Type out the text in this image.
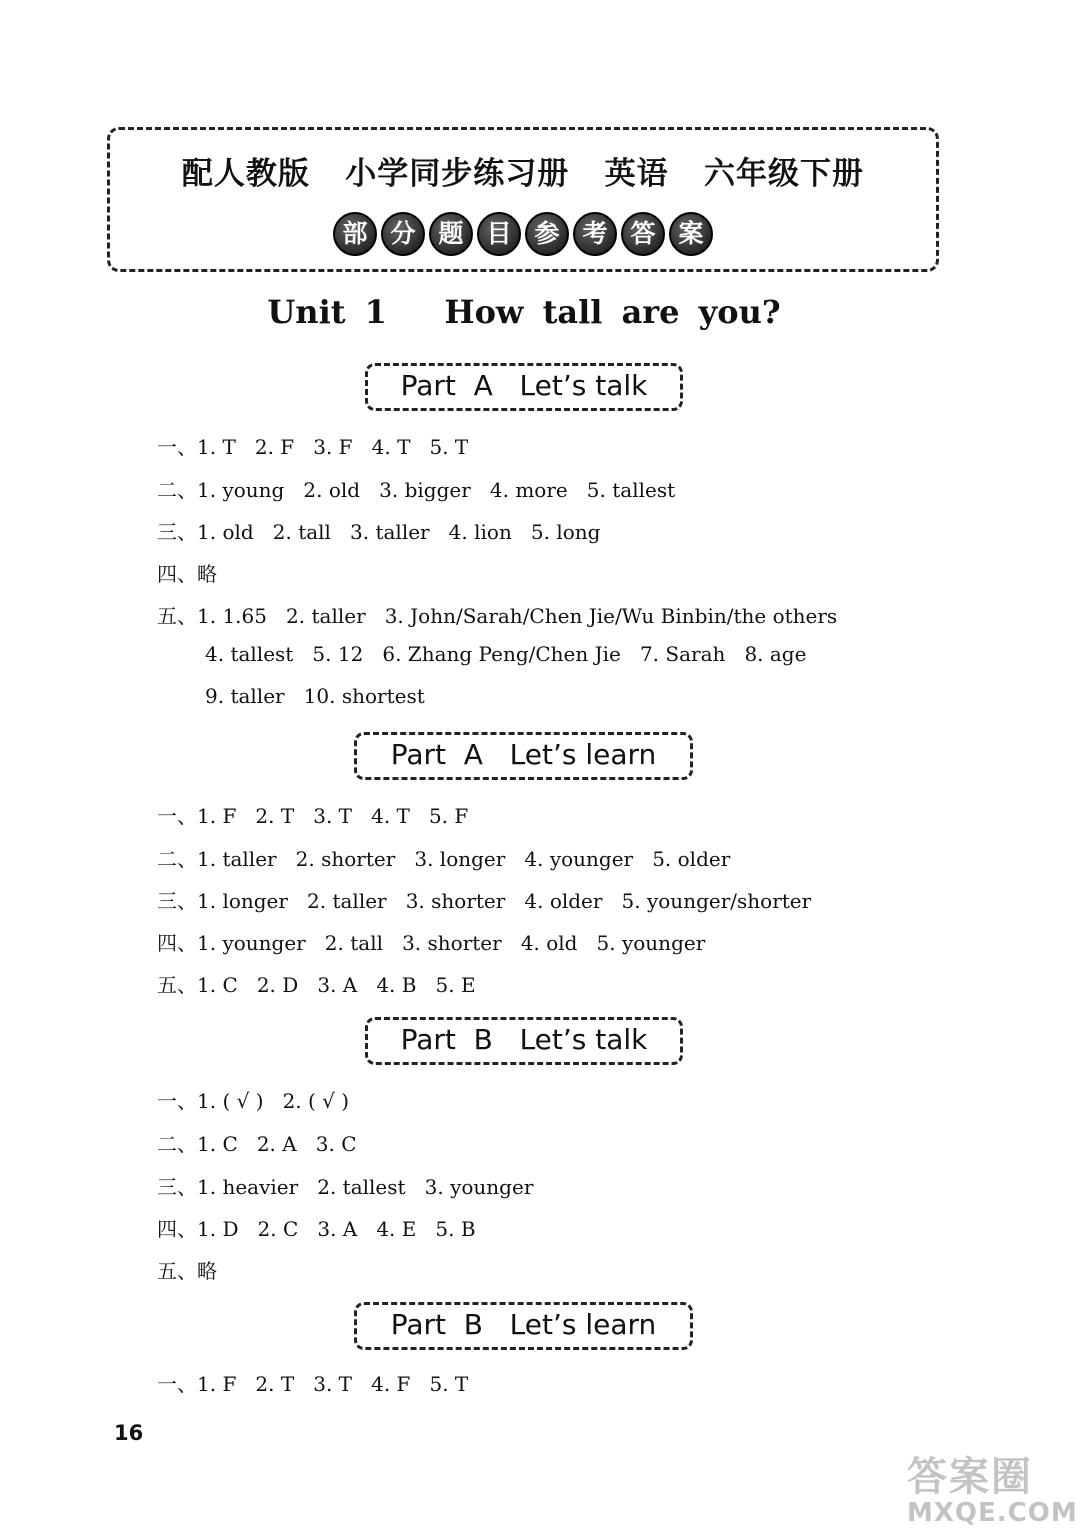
配人教版   小学同步练习册   英语   六年级下册
部 分 题 目 参 考 答 案
Unit 1   How tall are you?
Part  A   Let’s talk
一、1. T   2. F   3. F   4. T   5. T
二、1. young   2. old   3. bigger   4. more   5. tallest
三、1. old   2. tall   3. taller   4. lion   5. long
四、略
五、1. 1.65   2. taller   3. John/Sarah/Chen Jie/Wu Binbin/the others
4. tallest   5. 12   6. Zhang Peng/Chen Jie   7. Sarah   8. age
9. taller   10. shortest
Part  A   Let’s learn
一、1. F   2. T   3. T   4. T   5. F
二、1. taller   2. shorter   3. longer   4. younger   5. older
三、1. longer   2. taller   3. shorter   4. older   5. younger/shorter
四、1. younger   2. tall   3. shorter   4. old   5. younger
五、1. C   2. D   3. A   4. B   5. E
Part  B   Let’s talk
一、1. ( √ )   2. ( √ )
二、1. C   2. A   3. C
三、1. heavier   2. tallest   3. younger
四、1. D   2. C   3. A   4. E   5. B
五、略
Part  B   Let’s learn
一、1. F   2. T   3. T   4. F   5. T
16
答案圈
MXQE.COM
